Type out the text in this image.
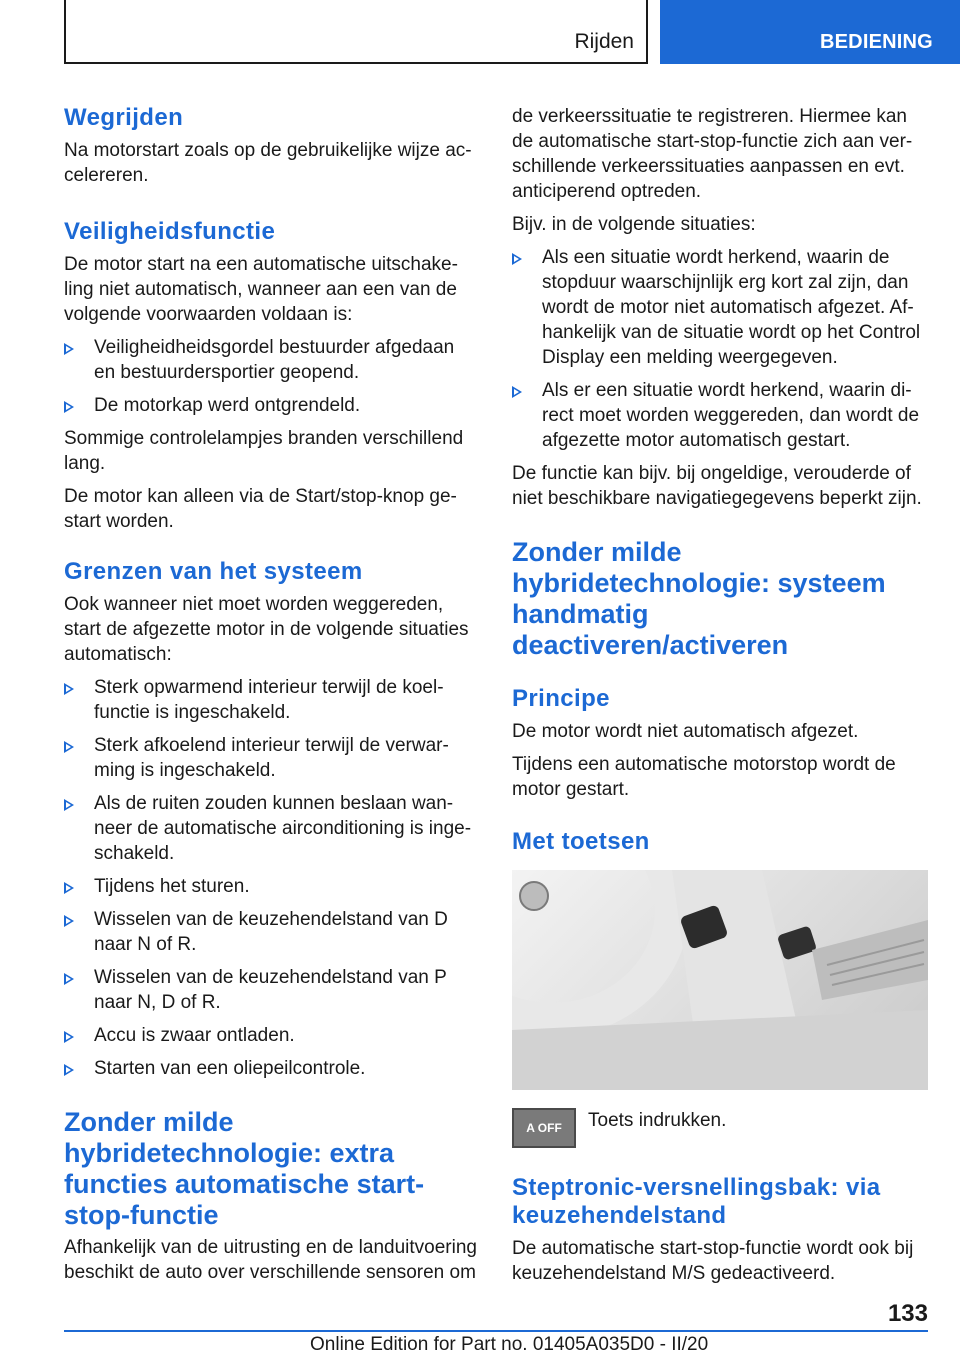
Rijden	BEDIENING
Wegrijden

Na motorstart zoals op de gebruikelijke wijze ac- celereren.

Veiligheidsfunctie

De motor start na een automatische uitschake- ling niet automatisch, wanneer aan een van de volgende voorwaarden voldaan is:

Veiligheidheidsgordel bestuurder afgedaan en bestuurdersportier geopend.
De motorkap werd ontgrendeld.

Sommige controlelampjes branden verschillend lang.

De motor kan alleen via de Start/stop-knop ge- start worden.

Grenzen van het systeem

Ook wanneer niet moet worden weggereden, start de afgezette motor in de volgende situaties automatisch:

Sterk opwarmend interieur terwijl de koel- functie is ingeschakeld.
Sterk afkoelend interieur terwijl de verwar- ming is ingeschakeld.
Als de ruiten zouden kunnen beslaan wan- neer de automatische airconditioning is inge- schakeld.
Tijdens het sturen.
Wisselen van de keuzehendelstand van D naar N of R.
Wisselen van de keuzehendelstand van P naar N, D of R.
Accu is zwaar ontladen.
Starten van een oliepeilcontrole.
Zonder milde hybridetechnologie: extra functies automatische start- stop-functie

Afhankelijk van de uitrusting en de landuitvoering beschikt de auto over verschillende sensoren om

de verkeerssituatie te registreren. Hiermee kan de automatische start-stop-functie zich aan ver- schillende verkeerssituaties aanpassen en evt. anticiperend optreden.

Bijv. in de volgende situaties:

Als een situatie wordt herkend, waarin de stopduur waarschijnlijk erg kort zal zijn, dan wordt de motor niet automatisch afgezet. Af- hankelijk van de situatie wordt op het Control Display een melding weergegeven.
Als er een situatie wordt herkend, waarin di- rect moet worden weggereden, dan wordt de afgezette motor automatisch gestart.

De functie kan bijv. bij ongeldige, verouderde of niet beschikbare navigatiegegevens beperkt zijn.

Zonder milde hybridetechnologie: systeem handmatig deactiveren/activeren
Principe

De motor wordt niet automatisch afgezet.

Tijdens een automatische motorstop wordt de motor gestart.

Met toetsen
A OFF Toets indrukken.

Steptronic-versnellingsbak: via keuzehendelstand

De automatische start-stop-functie wordt ook bij keuzehendelstand M/S gedeactiveerd.

133
Online Edition for Part no. 01405A035D0 - II/20
